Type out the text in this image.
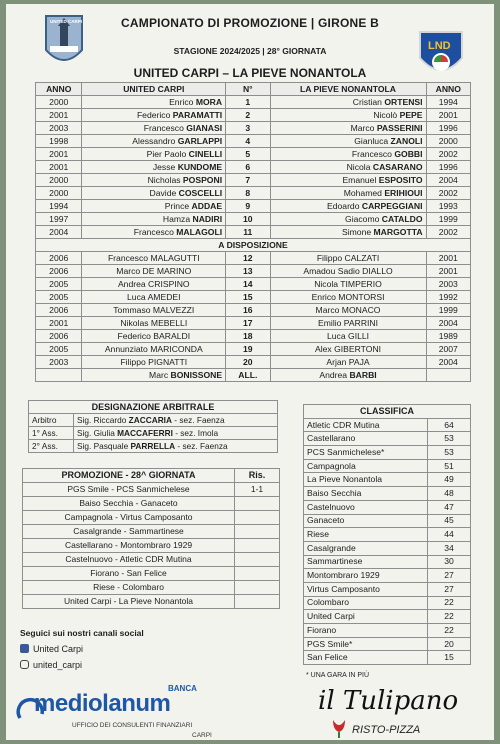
UNITED CARPI
LND
CAMPIONATO DI PROMOZIONE | GIRONE B
STAGIONE 2024/2025 | 28° GIORNATA
UNITED CARPI – LA PIEVE NONANTOLA
ANNO	UNITED CARPI	N°	LA PIEVE NONANTOLA	ANNO
2000	Enrico MORA	1	Cristian ORTENSI	1994
2001	Federico PARAMATTI	2	Nicolò PEPE	2001
2003	Francesco GIANASI	3	Marco PASSERINI	1996
1998	Alessandro GARLAPPI	4	Gianluca ZANOLI	2000
2001	Pier Paolo CINELLI	5	Francesco GOBBI	2002
2001	Jesse KUNDOME	6	Nicola CASARANO	1996
2000	Nicholas POSPONI	7	Emanuel ESPOSITO	2004
2000	Davide COSCELLI	8	Mohamed ERIHIOUI	2002
1994	Prince ADDAE	9	Edoardo CARPEGGIANI	1993
1997	Hamza NADIRI	10	Giacomo CATALDO	1999
2004	Francesco MALAGOLI	11	Simone MARGOTTA	2002
A DISPOSIZIONE				
2006	Francesco MALAGUTTI	12	Filippo CALZATI	2001
2006	Marco DE MARINO	13	Amadou Sadio DIALLO	2001
2005	Andrea CRISPINO	14	Nicola TIMPERIO	2003
2005	Luca AMEDEI	15	Enrico MONTORSI	1992
2006	Tommaso MALVEZZI	16	Marco MONACO	1999
2001	Nikolas MEBELLI	17	Emilio PARRINI	2004
2006	Federico BARALDI	18	Luca GILLI	1989
2005	Annunziato MARICONDA	19	Alex GIBERTONI	2007
2003	Filippo PIGNATTI	20	Arjan PAJA	2004
	Marc BONISSONE	ALL.	Andrea BARBI	
DESIGNAZIONE ARBITRALE	
Arbitro	Sig. Riccardo ZACCARIA - sez. Faenza
1° Ass.	Sig. Giulia MACCAFERRI - sez. Imola
2° Ass.	Sig. Pasquale PARRELLA - sez. Faenza
PROMOZIONE - 28^ GIORNATA	Ris.
PGS Smile - PCS Sanmichelese	1-1
Baiso Secchia - Ganaceto	
Campagnola - Virtus Camposanto	
Casalgrande - Sammartinese	
Castellarano - Montombraro 1929	
Castelnuovo - Atletic CDR Mutina	
Fiorano - San Felice	
Riese - Colombaro	
United Carpi - La Pieve Nonantola	
CLASSIFICA	
Atletic CDR Mutina	64
Castellarano	53
PCS Sanmichelese*	53
Campagnola	51
La Pieve Nonantola	49
Baiso Secchia	48
Castelnuovo	47
Ganaceto	45
Riese	44
Casalgrande	34
Sammartinese	30
Montombraro 1929	27
Virtus Camposanto	27
Colombaro	22
United Carpi	22
Fiorano	22
PGS Smile*	20
San Felice	15
* UNA GARA IN PIÙ
Seguici sui nostri canali social
United Carpi
united_carpi
mediolanum
BANCA
UFFICIO DEI CONSULENTI FINANZIARI
CARPI
il Tulipano
RISTO-PIZZA
